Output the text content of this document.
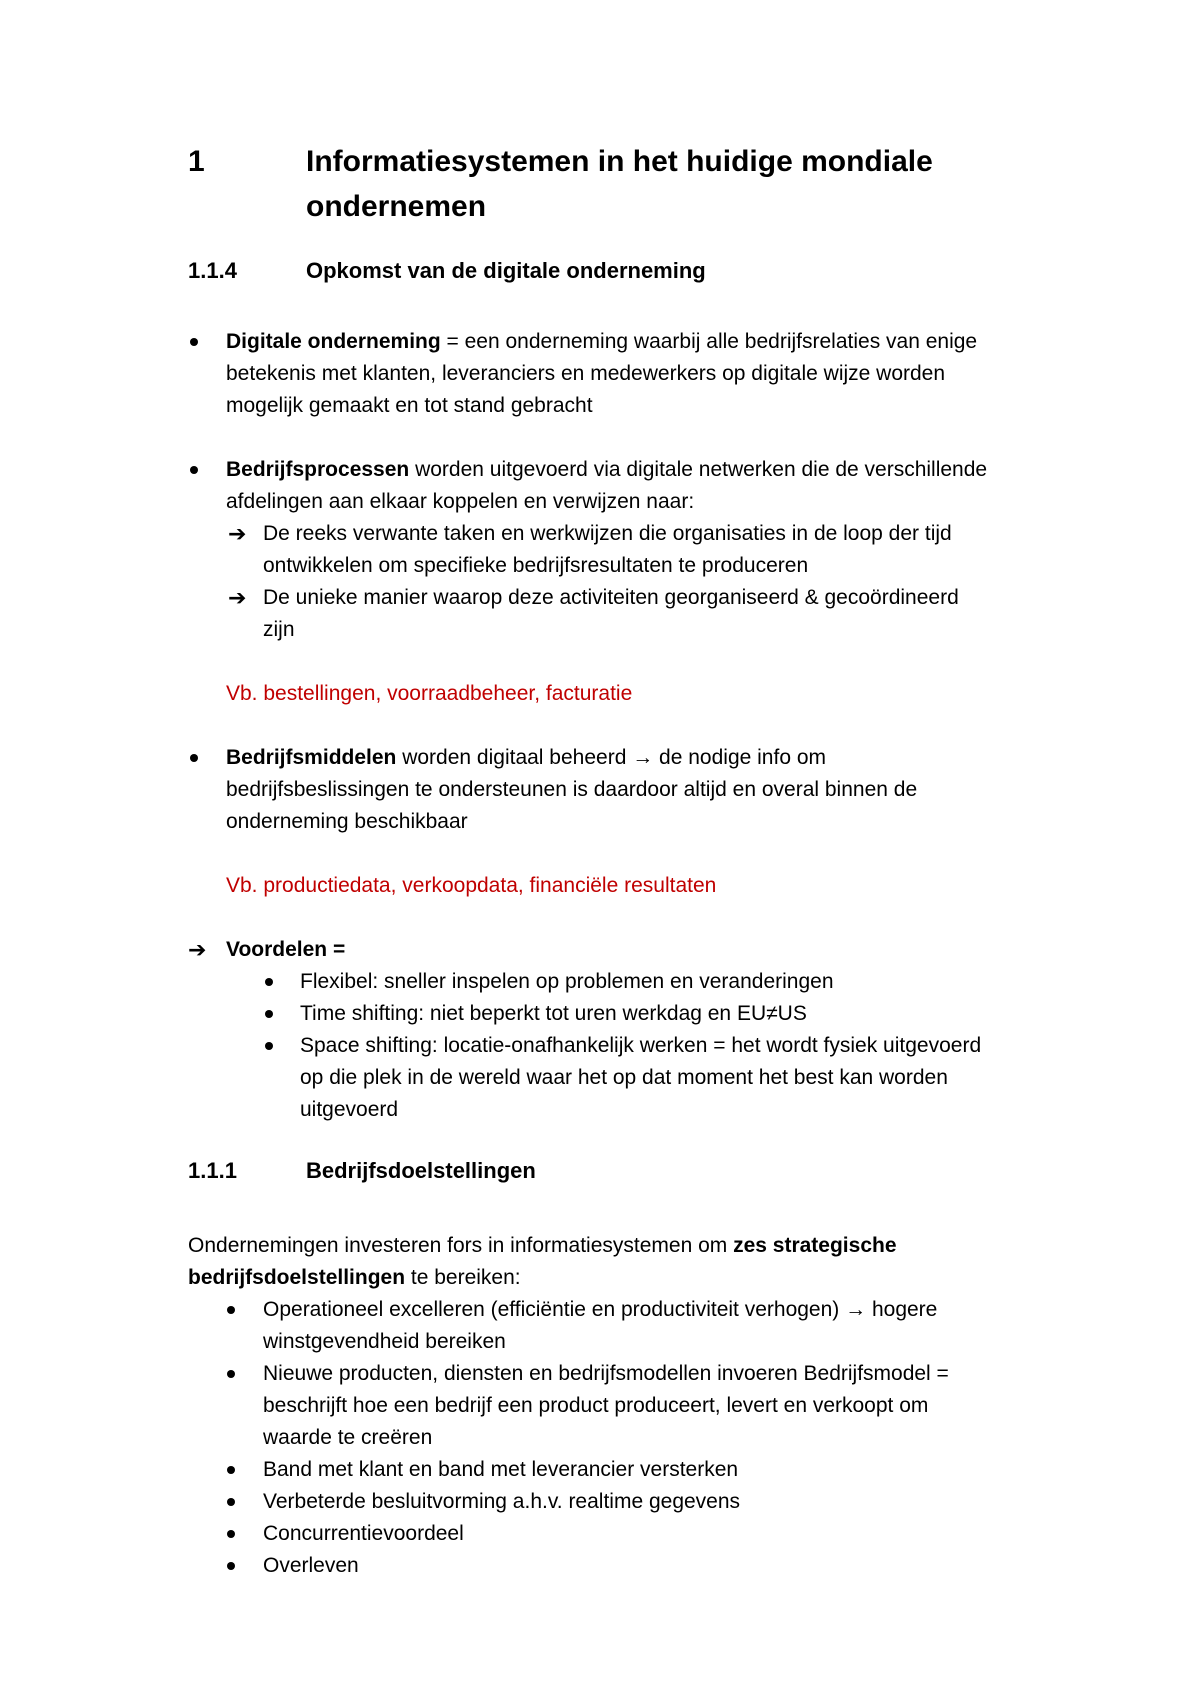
1	Informatiesystemen in het huidige mondiale
ondernemen
1.1.4	Opkomst van de digitale onderneming
Digitale onderneming = een onderneming waarbij alle bedrijfsrelaties van enige
betekenis met klanten, leveranciers en medewerkers op digitale wijze worden
mogelijk gemaakt en tot stand gebracht
Bedrijfsprocessen worden uitgevoerd via digitale netwerken die de verschillende
afdelingen aan elkaar koppelen en verwijzen naar:
➔ De reeks verwante taken en werkwijzen die organisaties in de loop der tijd
ontwikkelen om specifieke bedrijfsresultaten te produceren
➔ De unieke manier waarop deze activiteiten georganiseerd & gecoördineerd
zijn
Vb. bestellingen, voorraadbeheer, facturatie
Bedrijfsmiddelen worden digitaal beheerd → de nodige info om
bedrijfsbeslissingen te ondersteunen is daardoor altijd en overal binnen de
onderneming beschikbaar
Vb. productiedata, verkoopdata, financiële resultaten
➔ Voordelen =
Flexibel: sneller inspelen op problemen en veranderingen
Time shifting: niet beperkt tot uren werkdag en EU≠US
Space shifting: locatie-onafhankelijk werken = het wordt fysiek uitgevoerd
op die plek in de wereld waar het op dat moment het best kan worden
uitgevoerd
1.1.1	Bedrijfsdoelstellingen
Ondernemingen investeren fors in informatiesystemen om zes strategische
bedrijfsdoelstellingen te bereiken:
Operationeel excelleren (efficiëntie en productiviteit verhogen) → hogere
winstgevendheid bereiken
Nieuwe producten, diensten en bedrijfsmodellen invoeren Bedrijfsmodel =
beschrijft hoe een bedrijf een product produceert, levert en verkoopt om
waarde te creëren
Band met klant en band met leverancier versterken
Verbeterde besluitvorming a.h.v. realtime gegevens
Concurrentievoordeel
Overleven
